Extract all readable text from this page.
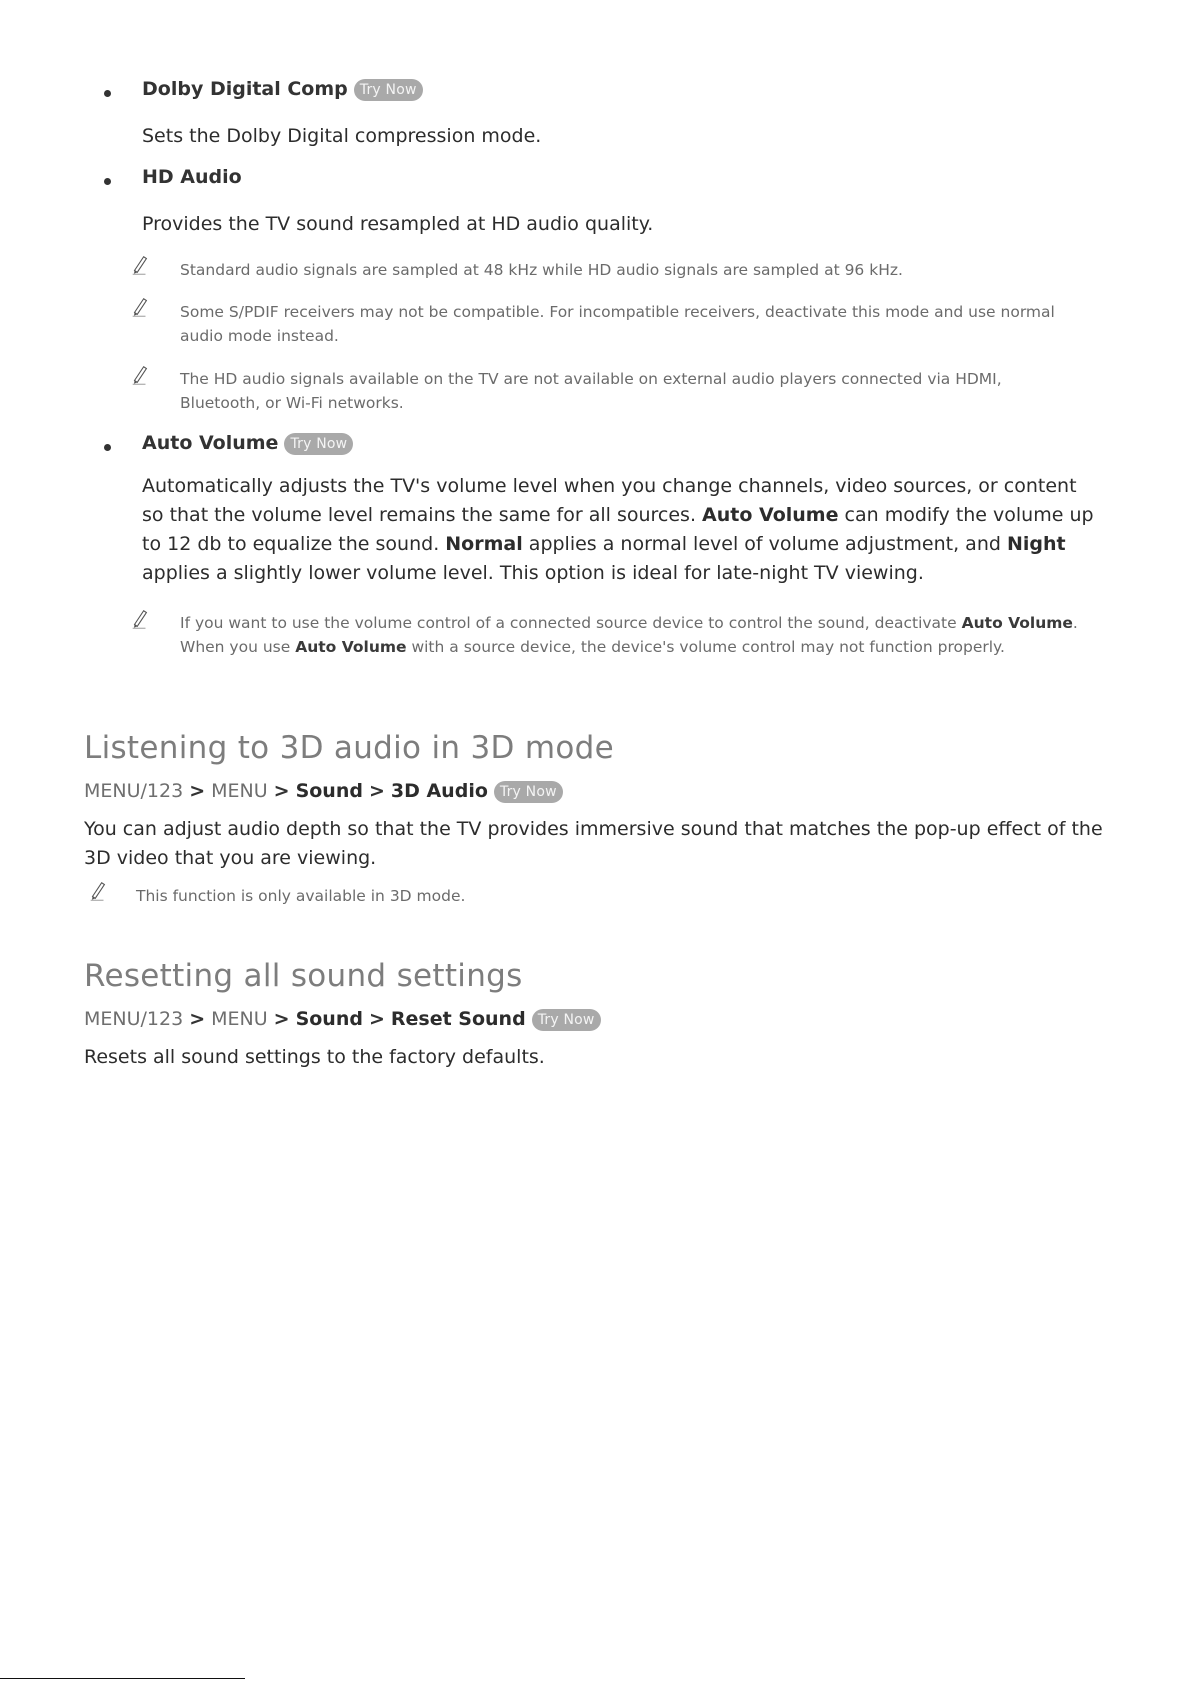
Dolby Digital Comp Try Now
Sets the Dolby Digital compression mode.
HD Audio
Provides the TV sound resampled at HD audio quality.
Standard audio signals are sampled at 48 kHz while HD audio signals are sampled at 96 kHz.
Some S/PDIF receivers may not be compatible. For incompatible receivers, deactivate this mode and use normal audio mode instead.
The HD audio signals available on the TV are not available on external audio players connected via HDMI, Bluetooth, or Wi-Fi networks.
Auto Volume Try Now
Automatically adjusts the TV's volume level when you change channels, video sources, or content so that the volume level remains the same for all sources. Auto Volume can modify the volume up to 12 db to equalize the sound. Normal applies a normal level of volume adjustment, and Night applies a slightly lower volume level. This option is ideal for late-night TV viewing.
If you want to use the volume control of a connected source device to control the sound, deactivate Auto Volume. When you use Auto Volume with a source device, the device's volume control may not function properly.
Listening to 3D audio in 3D mode
MENU/123 > MENU > Sound > 3D Audio Try Now
You can adjust audio depth so that the TV provides immersive sound that matches the pop-up effect of the 3D video that you are viewing.
This function is only available in 3D mode.
Resetting all sound settings
MENU/123 > MENU > Sound > Reset Sound Try Now
Resets all sound settings to the factory defaults.
